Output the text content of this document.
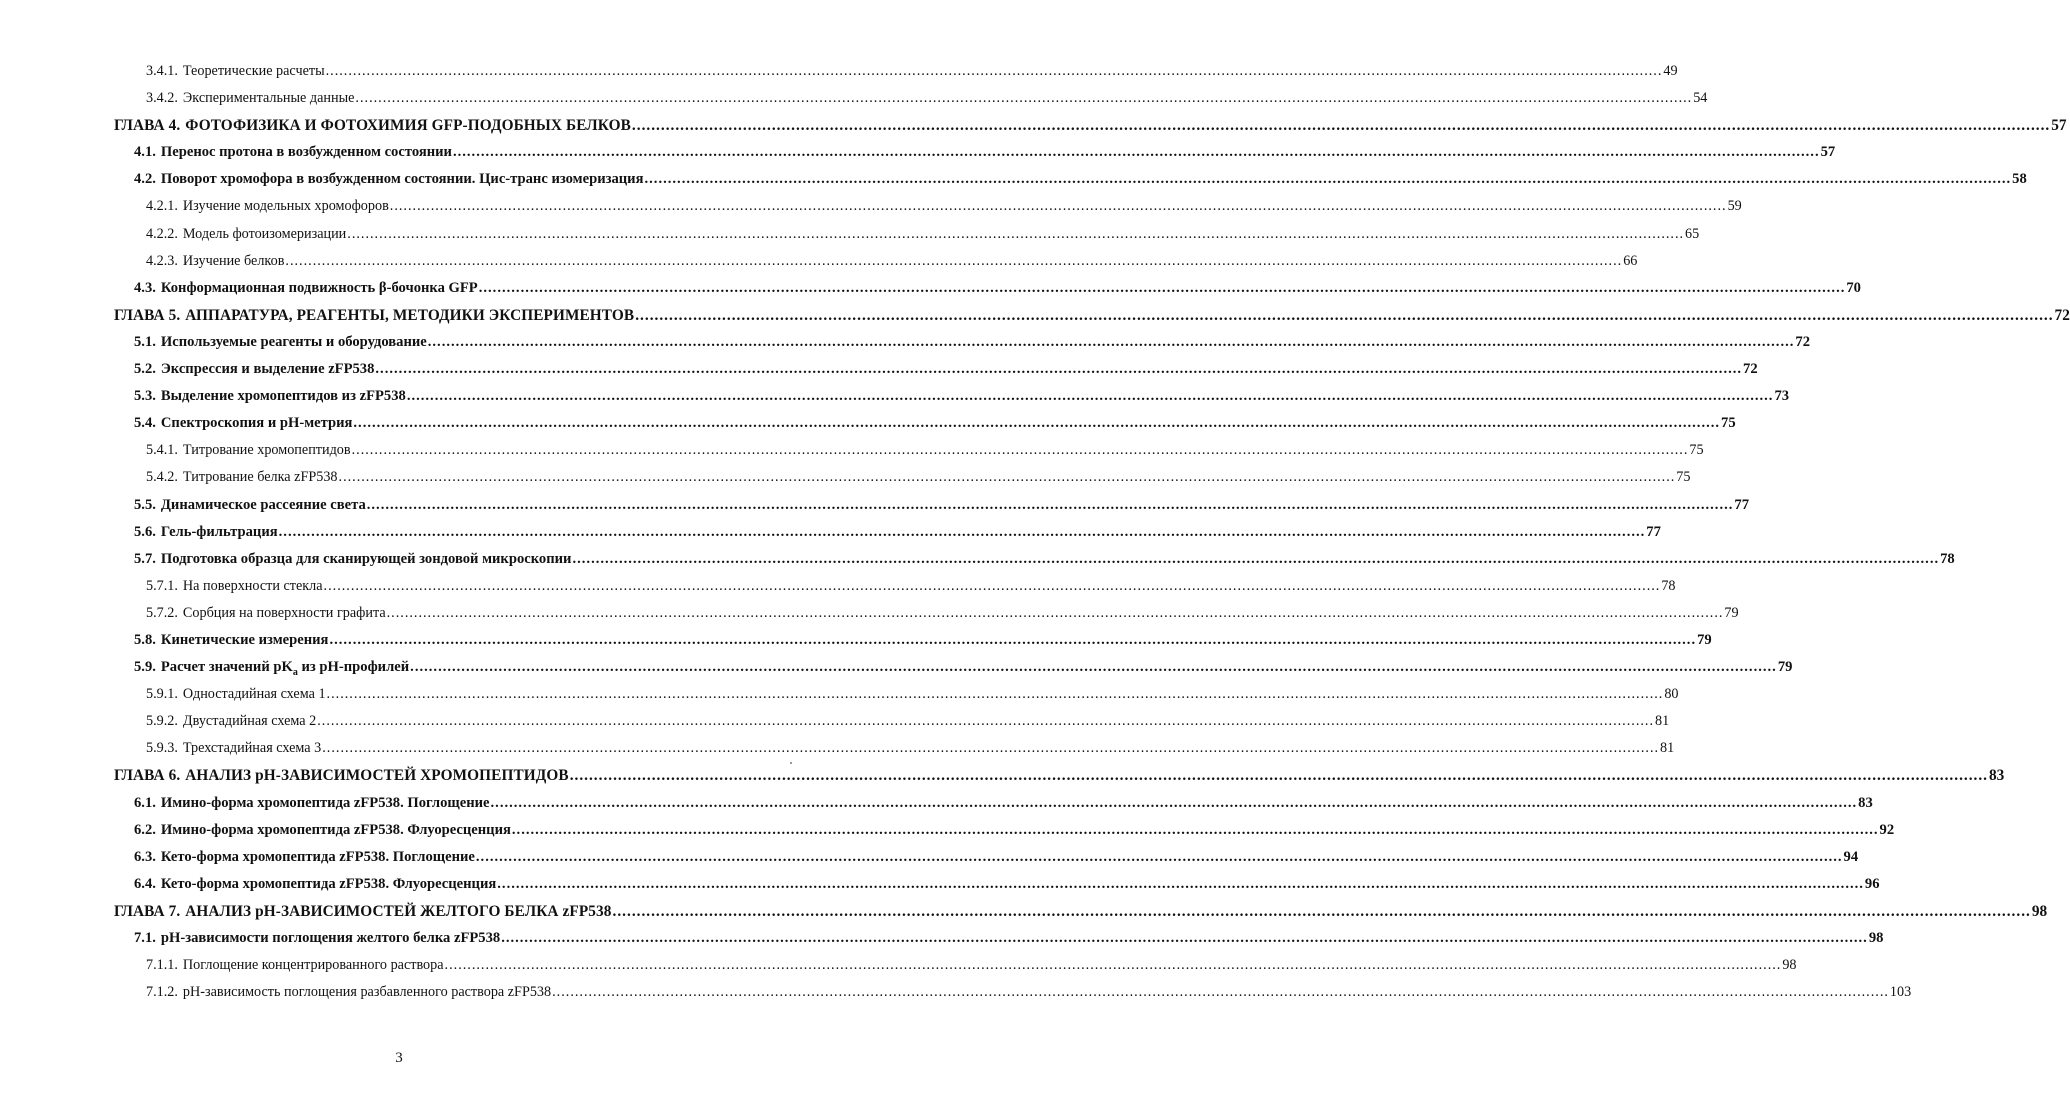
3.4.1. Теоретические расчеты .....	49
3.4.2. Экспериментальные данные .....	54
ГЛАВА 4. ФОТОФИЗИКА И ФОТОХИМИЯ GFP-ПОДОБНЫХ БЕЛКОВ .....	57
4.1. Перенос протона в возбужденном состоянии .....	57
4.2. Поворот хромофора в возбужденном состоянии. Цис-транс изомеризация .....	58
4.2.1. Изучение модельных хромофоров .....	59
4.2.2. Модель фотоизомеризации .....	65
4.2.3. Изучение белков .....	66
4.3. Конформационная подвижность β-бочонка GFP .....	70
ГЛАВА 5. АППАРАТУРА, РЕАГЕНТЫ, МЕТОДИКИ ЭКСПЕРИМЕНТОВ .....	72
5.1. Используемые реагенты и оборудование .....	72
5.2. Экспрессия и выделение zFP538 .....	72
5.3. Выделение хромопептидов из zFP538 .....	73
5.4. Спектроскопия и pH-метрия .....	75
5.4.1. Титрование хромопептидов .....	75
5.4.2. Титрование белка zFP538 .....	75
5.5. Динамическое рассеяние света .....	77
5.6. Гель-фильтрация .....	77
5.7. Подготовка образца для сканирующей зондовой микроскопии .....	78
5.7.1. На поверхности стекла .....	78
5.7.2. Сорбция на поверхности графита .....	79
5.8. Кинетические измерения .....	79
5.9. Расчет значений $pK_a$ из pH-профилей .....	79
5.9.1. Одностадийная схема 1 .....	80
5.9.2. Двустадийная схема 2 .....	81
5.9.3. Трехстадийная схема 3 .....	81
ГЛАВА 6. АНАЛИЗ pH-ЗАВИСИМОСТЕЙ ХРОМОПЕПТИДОВ .....	83
6.1. Имино-форма хромопептида zFP538. Поглощение .....	83
6.2. Имино-форма хромопептида zFP538. Флуоресценция .....	92
6.3. Кето-форма хромопептида zFP538. Поглощение .....	94
6.4. Кето-форма хромопептида zFP538. Флуоресценция .....	96
ГЛАВА 7. АНАЛИЗ pH-ЗАВИСИМОСТЕЙ ЖЕЛТОГО БЕЛКА zFP538 .....	98
7.1. pH-зависимости поглощения желтого белка zFP538 .....	98
7.1.1. Поглощение концентрированного раствора .....	98
7.1.2. pH-зависимость поглощения разбавленного раствора zFP538 .....	103
3
